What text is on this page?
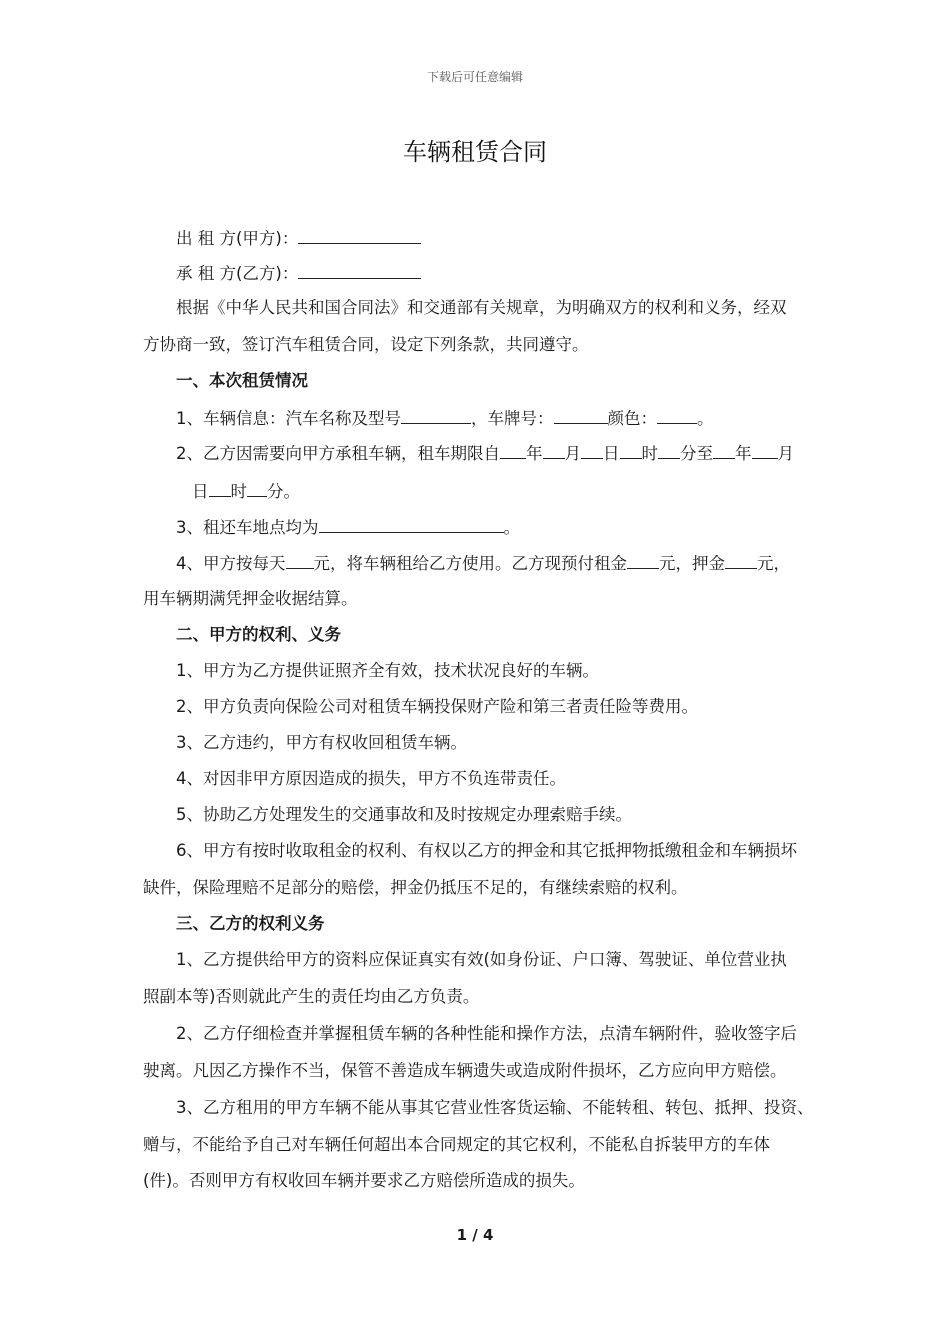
下载后可任意编辑
车辆租赁合同
出 租 方(甲方)：
承 租 方(乙方)：
根据《中华人民共和国合同法》和交通部有关规章，为明确双方的权利和义务，经双
方协商一致，签订汽车租赁合同，设定下列条款，共同遵守。
一、本次租赁情况
1、车辆信息：汽车名称及型号	，车牌号：	颜色： 。
2、乙方因需要向甲方承租车辆，租车期限自 年 月 日 时 分至 年 月
日 时 分。
3、租还车地点均为	。
4、甲方按每天 元，将车辆租给乙方使用。乙方现预付租金 元，押金 元，
用车辆期满凭押金收据结算。
二、甲方的权利、义务
1、甲方为乙方提供证照齐全有效，技术状况良好的车辆。
2、甲方负责向保险公司对租赁车辆投保财产险和第三者责任险等费用。
3、乙方违约，甲方有权收回租赁车辆。
4、对因非甲方原因造成的损失，甲方不负连带责任。
5、协助乙方处理发生的交通事故和及时按规定办理索赔手续。
6、甲方有按时收取租金的权利、有权以乙方的押金和其它抵押物抵缴租金和车辆损坏
缺件，保险理赔不足部分的赔偿，押金仍抵压不足的，有继续索赔的权利。
三、乙方的权利义务
1、乙方提供给甲方的资料应保证真实有效(如身份证、户口簿、驾驶证、单位营业执
照副本等)否则就此产生的责任均由乙方负责。
2、乙方仔细检查并掌握租赁车辆的各种性能和操作方法，点清车辆附件，验收签字后
驶离。凡因乙方操作不当，保管不善造成车辆遗失或造成附件损坏，乙方应向甲方赔偿。
3、乙方租用的甲方车辆不能从事其它营业性客货运输、不能转租、转包、抵押、投资、
赠与，不能给予自己对车辆任何超出本合同规定的其它权利，不能私自拆装甲方的车体
(件)。否则甲方有权收回车辆并要求乙方赔偿所造成的损失。
1 / 4
